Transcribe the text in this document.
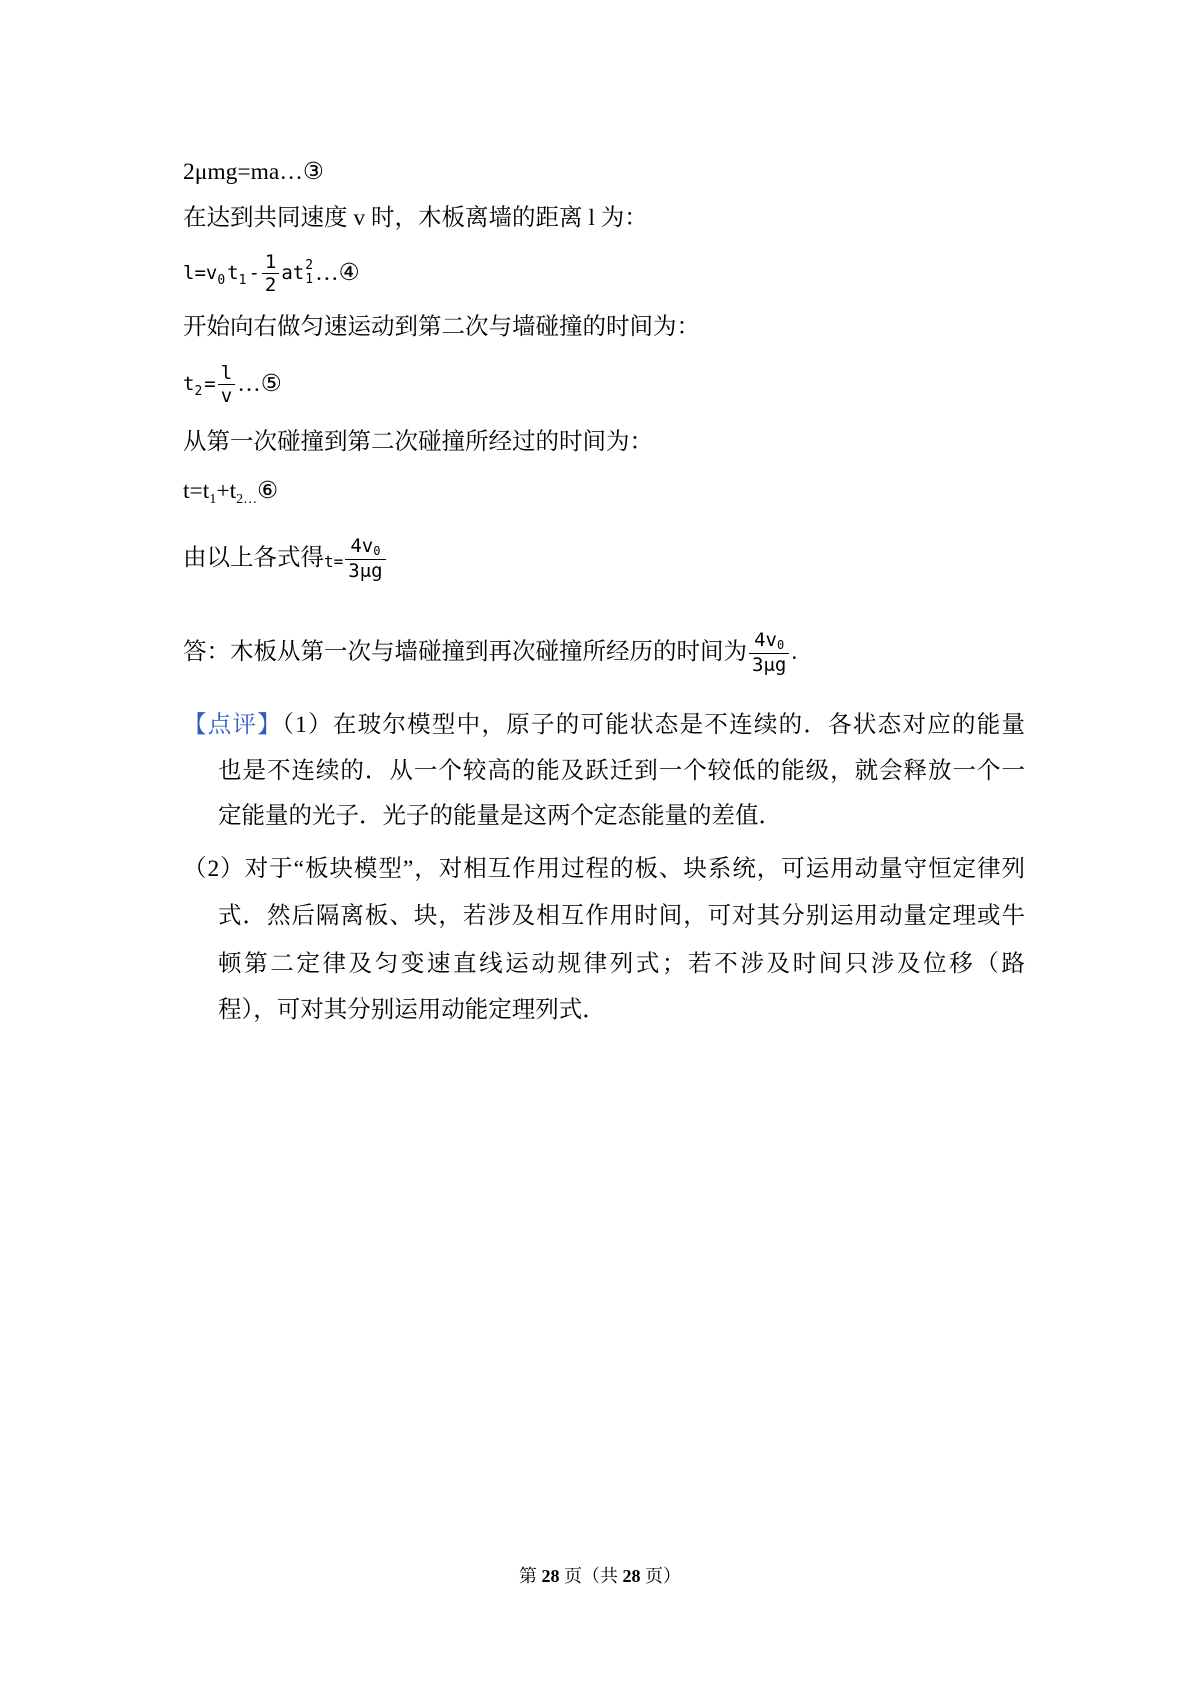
2μmg=ma…③
在达到共同速度 v 时，木板离墙的距离 l 为：
l=v 0 t $1 - \frac{1}{2}$ at 2
1 …④
开始向右做匀速运动到第二次与墙碰撞的时间为：
t $2 = \frac{l}{v}$ …⑤
从第一次碰撞到第二次碰撞所经过的时间为：
$t=t_1+t_{2\dots}⑥$
由以上各式得 $t= \frac{4v0}{3\mu g}$
答：木板从第一次与墙碰撞到再次碰撞所经历的时间为 $\frac{4v0}{3\mu g}$ .
【点评】（1）在玻尔模型中，原子的可能状态是不连续的．各状态对应的能量
也是不连续的．从一个较高的能及跃迁到一个较低的能级，就会释放一个一
定能量的光子．光子的能量是这两个定态能量的差值．
（2）对于“板块模型”，对相互作用过程的板、块系统，可运用动量守恒定律列
式．然后隔离板、块，若涉及相互作用时间，可对其分别运用动量定理或牛
顿第二定律及匀变速直线运动规律列式；若不涉及时间只涉及位移（路
程），可对其分别运用动能定理列式．
第 28 页（共 28 页）
